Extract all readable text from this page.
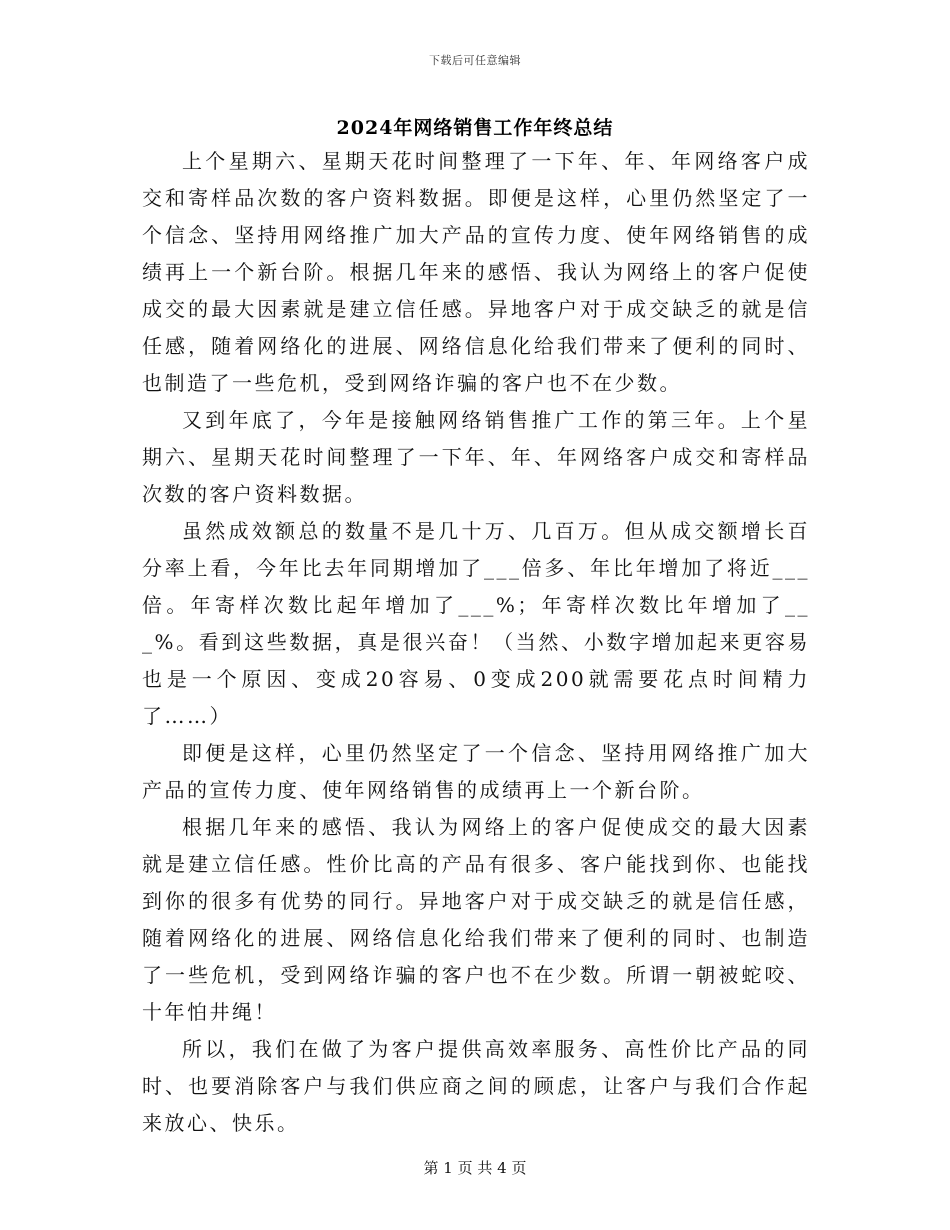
下载后可任意编辑
2024年网络销售工作年终总结

上个星期六、星期天花时间整理了一下年、年、年网络客户成交和寄样品次数的客户资料数据。即便是这样，心里仍然坚定了一个信念、坚持用网络推广加大产品的宣传力度、使年网络销售的成绩再上一个新台阶。根据几年来的感悟、我认为网络上的客户促使成交的最大因素就是建立信任感。异地客户对于成交缺乏的就是信任感，随着网络化的进展、网络信息化给我们带来了便利的同时、也制造了一些危机，受到网络诈骗的客户也不在少数。

又到年底了，今年是接触网络销售推广工作的第三年。上个星期六、星期天花时间整理了一下年、年、年网络客户成交和寄样品次数的客户资料数据。

虽然成效额总的数量不是几十万、几百万。但从成交额增长百分率上看，今年比去年同期增加了___倍多、年比年增加了将近___倍。年寄样次数比起年增加了___%；年寄样次数比年增加了___%。看到这些数据，真是很兴奋！（当然、小数字增加起来更容易也是一个原因、变成20容易、0变成200就需要花点时间精力了……）

即便是这样，心里仍然坚定了一个信念、坚持用网络推广加大产品的宣传力度、使年网络销售的成绩再上一个新台阶。

根据几年来的感悟、我认为网络上的客户促使成交的最大因素就是建立信任感。性价比高的产品有很多、客户能找到你、也能找到你的很多有优势的同行。异地客户对于成交缺乏的就是信任感，随着网络化的进展、网络信息化给我们带来了便利的同时、也制造了一些危机，受到网络诈骗的客户也不在少数。所谓一朝被蛇咬、十年怕井绳！

所以，我们在做了为客户提供高效率服务、高性价比产品的同时、也要消除客户与我们供应商之间的顾虑，让客户与我们合作起来放心、快乐。

第 1 页 共 4 页
